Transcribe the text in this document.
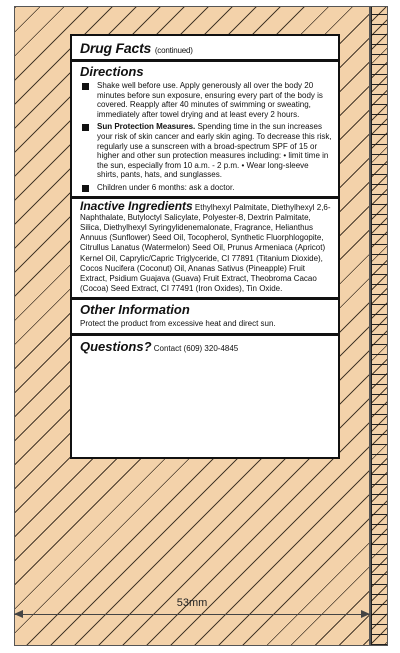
Drug Facts (continued)
Directions
Shake well before use. Apply generously all over the body 20 minutes before sun exposure, ensuring every part of the body is covered. Reapply after 40 minutes of swimming or sweating, immediately after towel drying and at least every 2 hours.
Sun Protection Measures. Spending time in the sun increases your risk of skin cancer and early skin aging. To decrease this risk, regularly use a sunscreen with a broad-spectrum SPF of 15 or higher and other sun protection measures including: • limit time in the sun, especially from 10 a.m. - 2 p.m. • Wear long-sleeve shirts, pants, hats, and sunglasses.
Children under 6 months: ask a doctor.
Inactive Ingredients Ethylhexyl Palmitate, Diethylhexyl 2,6-Naphthalate, Butyloctyl Salicylate, Polyester-8, Dextrin Palmitate, Silica, Diethylhexyl Syringylidenemalonate, Fragrance, Helianthus Annuus (Sunflower) Seed Oil, Tocopherol, Synthetic Fluorphlogopite, Citrullus Lanatus (Watermelon) Seed Oil, Prunus Armeniaca (Apricot) Kernel Oil, Caprylic/Capric Triglyceride, CI 77891 (Titanium Dioxide), Cocos Nucifera (Coconut) Oil, Ananas Sativus (Pineapple) Fruit Extract, Psidium Guajava (Guava) Fruit Extract, Theobroma Cacao (Cocoa) Seed Extract, CI 77491 (Iron Oxides), Tin Oxide.
Other Information
Protect the product from excessive heat and direct sun.
Questions? Contact (609) 320-4845
53mm
